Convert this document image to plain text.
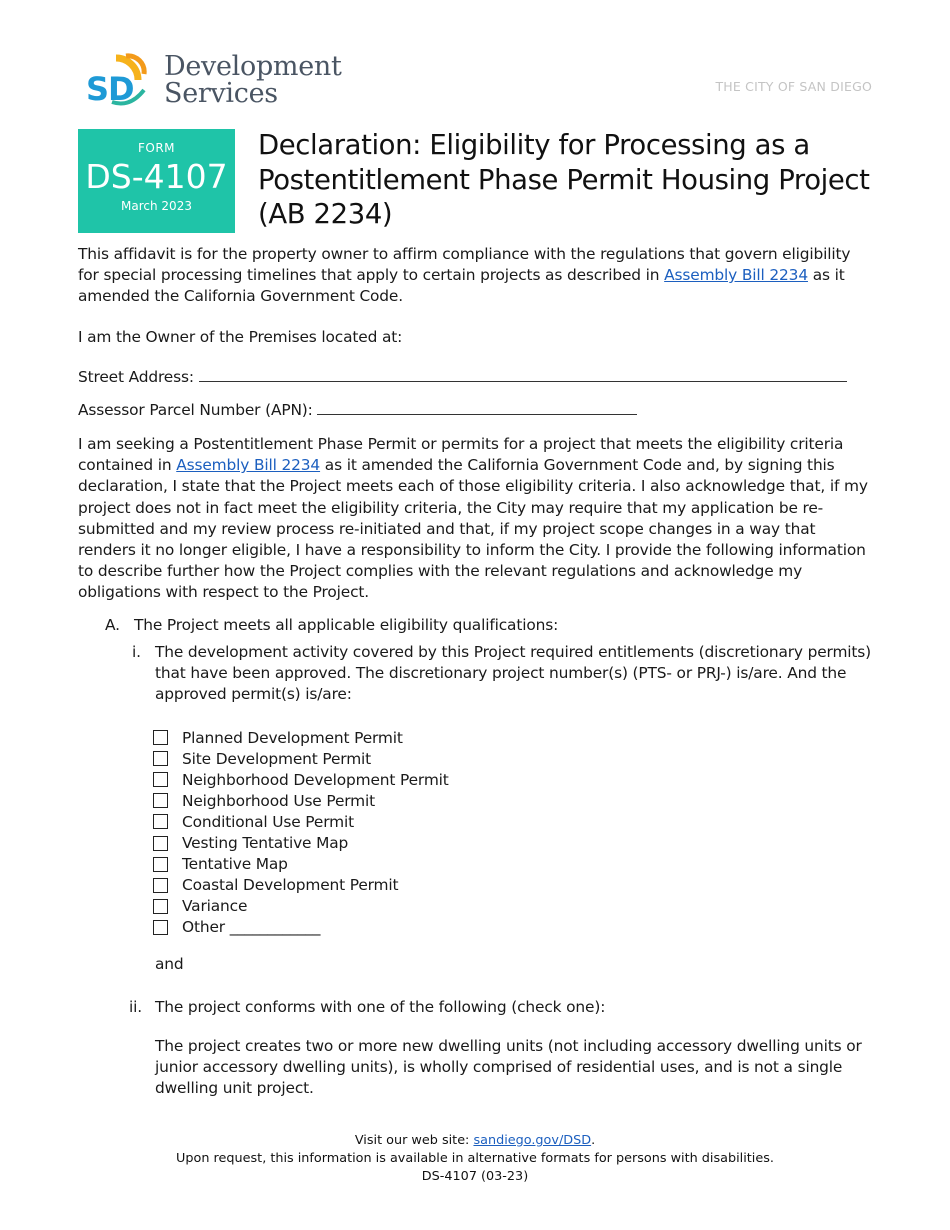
S
D
Development
Services	THE CITY OF SAN DIEGO
FORM
DS-4107
March 2023
Declaration: Eligibility for Processing as a Postentitlement Phase Permit Housing Project (AB 2234)

This affidavit is for the property owner to affirm compliance with the regulations that govern eligibility for special processing timelines that apply to certain projects as described in Assembly Bill 2234 as it amended the California Government Code.

I am the Owner of the Premises located at:
Street Address:
Assessor Parcel Number (APN):

I am seeking a Postentitlement Phase Permit or permits for a project that meets the eligibility criteria contained in Assembly Bill 2234 as it amended the California Government Code and, by signing this declaration, I state that the Project meets each of those eligibility criteria. I also acknowledge that, if my project does not in fact meet the eligibility criteria, the City may require that my application be re-submitted and my review process re-initiated and that, if my project scope changes in a way that renders it no longer eligible, I have a responsibility to inform the City. I provide the following information to describe further how the Project complies with the relevant regulations and acknowledge my obligations with respect to the Project.

A. The Project meets all applicable eligibility qualifications:
i. The development activity covered by this Project required entitlements (discretionary permits) that have been approved. The discretionary project number(s) (PTS- or PRJ-) is/are. And the approved permit(s) is/are:
Planned Development Permit
Site Development Permit
Neighborhood Development Permit
Neighborhood Use Permit
Conditional Use Permit
Vesting Tentative Map
Tentative Map
Coastal Development Permit
Variance
Other ____________
and
ii. The project conforms with one of the following (check one):
The project creates two or more new dwelling units (not including accessory dwelling units or junior accessory dwelling units), is wholly comprised of residential uses, and is not a single dwelling unit project.
Visit our web site: sandiego.gov/DSD.
Upon request, this information is available in alternative formats for persons with disabilities.
DS-4107 (03-23)
